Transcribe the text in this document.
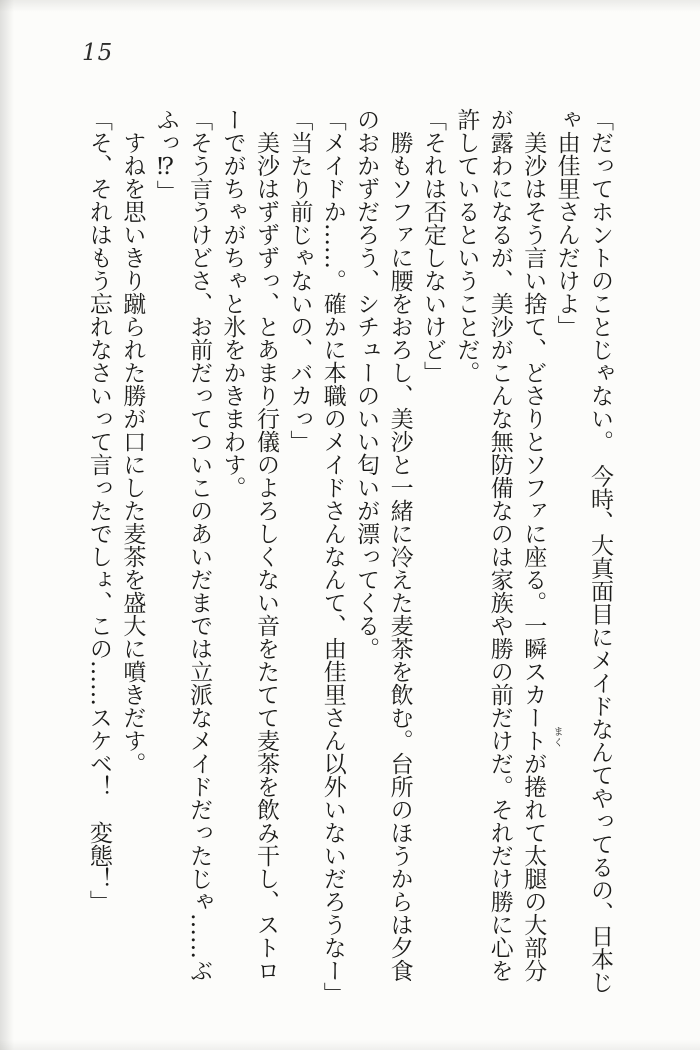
15
「だってホントのことじゃない。　今時、大真面目にメイドなんてやってるの、日本じ
ゃ由佳里さんだけよ」
　美沙はそう言い捨て、どさりとソファに座る。一瞬スカートが捲れて太腿の大部分
が露わになるが、美沙がこんな無防備なのは家族や勝の前だけだ。それだけ勝に心を
許しているということだ。
「それは否定しないけど」
　勝もソファに腰をおろし、美沙と一緒に冷えた麦茶を飲む。台所のほうからは夕食
のおかずだろう、シチューのいい匂いが漂ってくる。
「メイドか……。確かに本職のメイドさんなんて、由佳里さん以外いないだろうなー」
「当たり前じゃないの、バカっ」
　美沙はずずずっ、とあまり行儀のよろしくない音をたてて麦茶を飲み干し、ストロ
ーでがちゃがちゃと氷をかきまわす。
「そう言うけどさ、お前だってついこのあいだまでは立派なメイドだったじゃ……ぶ
ふっ⁉」
　すねを思いきり蹴られた勝が口にした麦茶を盛大に噴きだす。
「そ、それはもう忘れなさいって言ったでしょ、この……スケベ！　変態！」	まく
